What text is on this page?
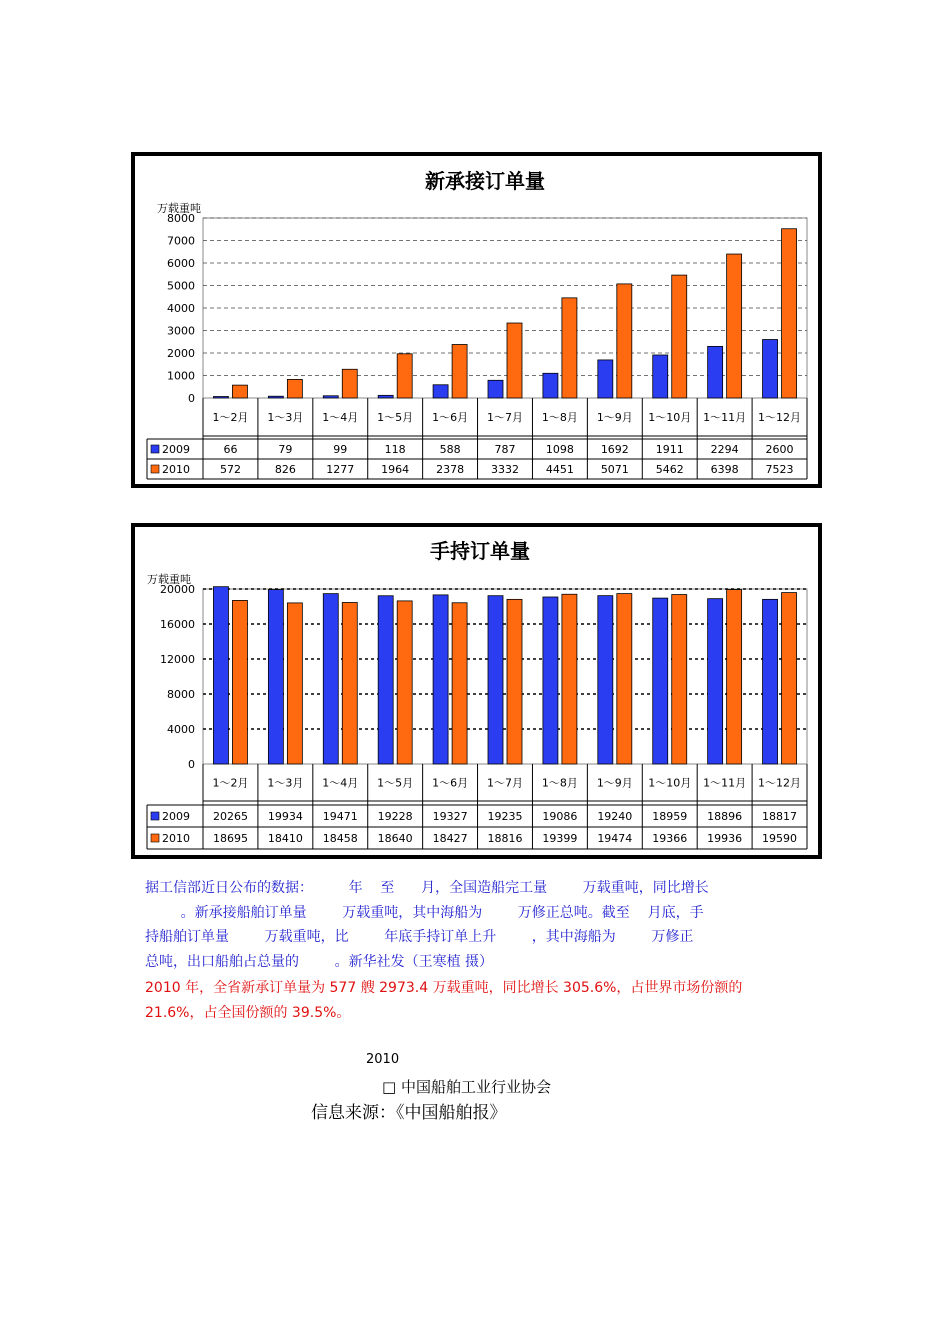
新承接订单量
万载重吨
0
1000
2000
3000
4000
5000
6000
7000
8000
1～2月 1～3月 1～4月 1～5月 1～6月 1～7月 1～8月 1～9月 1～10月 1～11月 1～12月
2009	66	79	99	118	588	787	1098 1692 1911 2294 2600
2010	572	826	1277 1964 2378 3332 4451 5071 5462 6398 7523
手持订单量
万载重吨
0
4000
8000
12000
16000
20000
1～2月 1～3月 1～4月 1～5月 1～6月 1～7月 1～8月 1～9月 1～10月 1～11月 1～12月
2009 20265 19934 19471 19228 19327 19235 19086 19240 18959 18896 18817
2010 18695 18410 18458 18640 18427 18816 19399 19474 19366 19936 19590
据工信部近日公布的数据：        年    至      月，全国造船完工量        万载重吨，同比增长
。新承接船舶订单量        万载重吨，其中海船为        万修正总吨。截至    月底，手
持船舶订单量        万载重吨，比        年底手持订单上升        ，其中海船为        万修正
总吨，出口船舶占总量的        。新华社发（王寒植 摄）
2010 年，全省新承订单量为 577 艘 2973.4 万载重吨，同比增长 305.6%，占世界市场份额的
21.6%，占全国份额的 39.5%。
2010
□ 中国船舶工业行业协会
信息来源：《中国船舶报》
